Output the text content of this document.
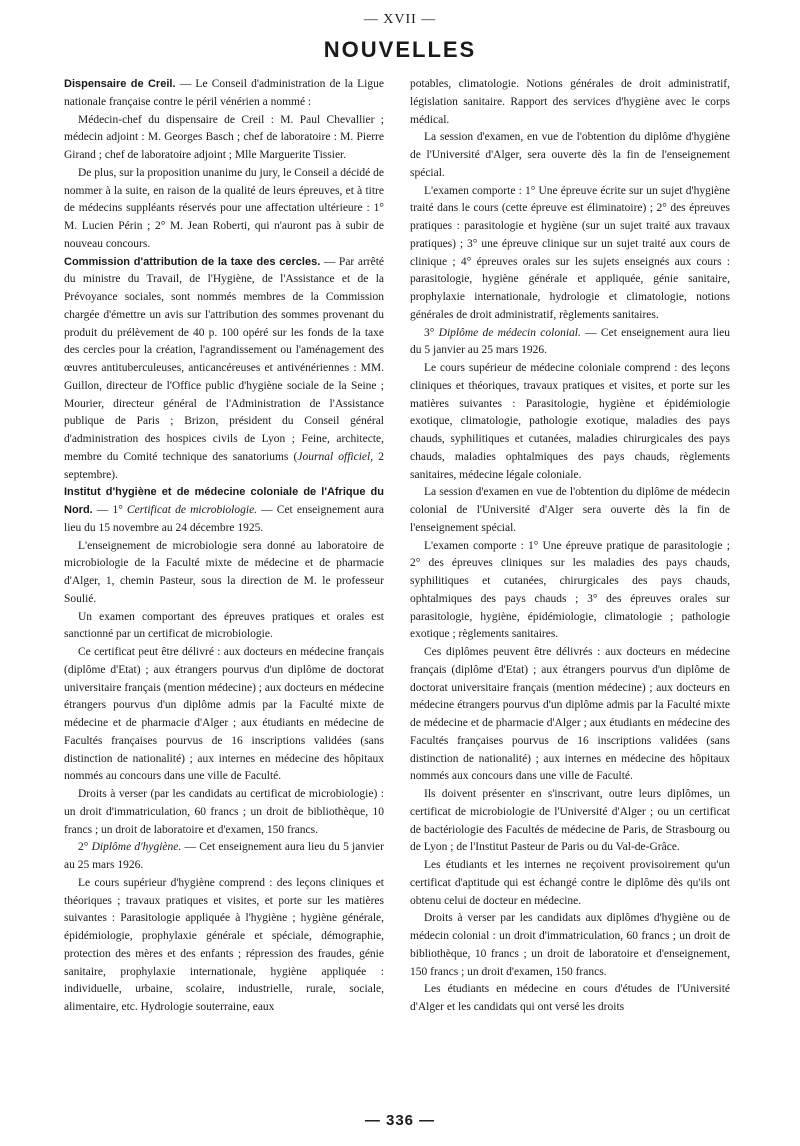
— XVII —
NOUVELLES

Dispensaire de Creil. — Le Conseil d'administration de la Ligue nationale française contre le péril vénérien a nommé :

Médecin-chef du dispensaire de Creil : M. Paul Chevallier ; médecin adjoint : M. Georges Basch ; chef de laboratoire : M. Pierre Girand ; chef de laboratoire adjoint ; Mlle Marguerite Tissier.

De plus, sur la proposition unanime du jury, le Conseil a décidé de nommer à la suite, en raison de la qualité de leurs épreuves, et à titre de médecins suppléants réservés pour une affectation ultérieure : 1° M. Lucien Périn ; 2° M. Jean Roberti, qui n'auront pas à subir de nouveau concours.

Commission d'attribution de la taxe des cercles. — Par arrêté du ministre du Travail, de l'Hygiène, de l'Assistance et de la Prévoyance sociales, sont nommés membres de la Commission chargée d'émettre un avis sur l'attribution des sommes provenant du produit du prélèvement de 40 p. 100 opéré sur les fonds de la taxe des cercles pour la création, l'agrandissement ou l'aménagement des œuvres antituberculeuses, anticancéreuses et antivénériennes : MM. Guillon, directeur de l'Office public d'hygiène sociale de la Seine ; Mourier, directeur général de l'Administration de l'Assistance publique de Paris ; Brizon, président du Conseil général d'administration des hospices civils de Lyon ; Feine, architecte, membre du Comité technique des sanatoriums (Journal officiel, 2 septembre).

Institut d'hygiène et de médecine coloniale de l'Afrique du Nord. — 1° Certificat de microbiologie. — Cet enseignement aura lieu du 15 novembre au 24 décembre 1925.

L'enseignement de microbiologie sera donné au laboratoire de microbiologie de la Faculté mixte de médecine et de pharmacie d'Alger, 1, chemin Pasteur, sous la direction de M. le professeur Soulié.

Un examen comportant des épreuves pratiques et orales est sanctionné par un certificat de microbiologie.

Ce certificat peut être délivré : aux docteurs en médecine français (diplôme d'Etat) ; aux étrangers pourvus d'un diplôme de doctorat universitaire français (mention médecine) ; aux docteurs en médecine étrangers pourvus d'un diplôme admis par la Faculté mixte de médecine et de pharmacie d'Alger ; aux étudiants en médecine de Facultés françaises pourvus de 16 inscriptions validées (sans distinction de nationalité) ; aux internes en médecine des hôpitaux nommés au concours dans une ville de Faculté.

Droits à verser (par les candidats au certificat de microbiologie) : un droit d'immatriculation, 60 francs ; un droit de bibliothèque, 10 francs ; un droit de laboratoire et d'examen, 150 francs.

2° Diplôme d'hygiène. — Cet enseignement aura lieu du 5 janvier au 25 mars 1926.

Le cours supérieur d'hygiène comprend : des leçons cliniques et théoriques ; travaux pratiques et visites, et porte sur les matières suivantes : Parasitologie appliquée à l'hygiène ; hygiène générale, épidémiologie, prophylaxie générale et spéciale, démographie, protection des mères et des enfants ; répression des fraudes, génie sanitaire, prophylaxie internationale, hygiène appliquée : individuelle, urbaine, scolaire, industrielle, rurale, sociale, alimentaire, etc. Hydrologie souterraine, eaux

potables, climatologie. Notions générales de droit administratif, législation sanitaire. Rapport des services d'hygiène avec le corps médical.

La session d'examen, en vue de l'obtention du diplôme d'hygiène de l'Université d'Alger, sera ouverte dès la fin de l'enseignement spécial.

L'examen comporte : 1° Une épreuve écrite sur un sujet d'hygiène traité dans le cours (cette épreuve est éliminatoire) ; 2° des épreuves pratiques : parasitologie et hygiène (sur un sujet traité aux travaux pratiques) ; 3° une épreuve clinique sur un sujet traité aux cours de clinique ; 4° épreuves orales sur les sujets enseignés aux cours : parasitologie, hygiène générale et appliquée, génie sanitaire, prophylaxie internationale, hydrologie et climatologie, notions générales de droit administratif, règlements sanitaires.

3° Diplôme de médecin colonial. — Cet enseignement aura lieu du 5 janvier au 25 mars 1926.

Le cours supérieur de médecine coloniale comprend : des leçons cliniques et théoriques, travaux pratiques et visites, et porte sur les matières suivantes : Parasitologie, hygiène et épidémiologie exotique, climatologie, pathologie exotique, maladies des pays chauds, syphilitiques et cutanées, maladies chirurgicales des pays chauds, maladies ophtalmiques des pays chauds, règlements sanitaires, médecine légale coloniale.

La session d'examen en vue de l'obtention du diplôme de médecin colonial de l'Université d'Alger sera ouverte dès la fin de l'enseignement spécial.

L'examen comporte : 1° Une épreuve pratique de parasitologie ; 2° des épreuves cliniques sur les maladies des pays chauds, syphilitiques et cutanées, chirurgicales des pays chauds, ophtalmiques des pays chauds ; 3° des épreuves orales sur parasitologie, hygiène, épidémiologie, climatologie ; pathologie exotique ; règlements sanitaires.

Ces diplômes peuvent être délivrés : aux docteurs en médecine français (diplôme d'Etat) ; aux étrangers pourvus d'un diplôme de doctorat universitaire français (mention médecine) ; aux docteurs en médecine étrangers pourvus d'un diplôme admis par la Faculté mixte de médecine et de pharmacie d'Alger ; aux étudiants en médecine des Facultés françaises pourvus de 16 inscriptions validées (sans distinction de nationalité) ; aux internes en médecine des hôpitaux nommés aux concours dans une ville de Faculté.

Ils doivent présenter en s'inscrivant, outre leurs diplômes, un certificat de microbiologie de l'Université d'Alger ; ou un certificat de bactériologie des Facultés de médecine de Paris, de Strasbourg ou de Lyon ; de l'Institut Pasteur de Paris ou du Val-de-Grâce.

Les étudiants et les internes ne reçoivent provisoirement qu'un certificat d'aptitude qui est échangé contre le diplôme dès qu'ils ont obtenu celui de docteur en médecine.

Droits à verser par les candidats aux diplômes d'hygiène ou de médecin colonial : un droit d'immatriculation, 60 francs ; un droit de bibliothèque, 10 francs ; un droit de laboratoire et d'enseignement, 150 francs ; un droit d'examen, 150 francs.

Les étudiants en médecine en cours d'études de l'Université d'Alger et les candidats qui ont versé les droits

— 336 —
